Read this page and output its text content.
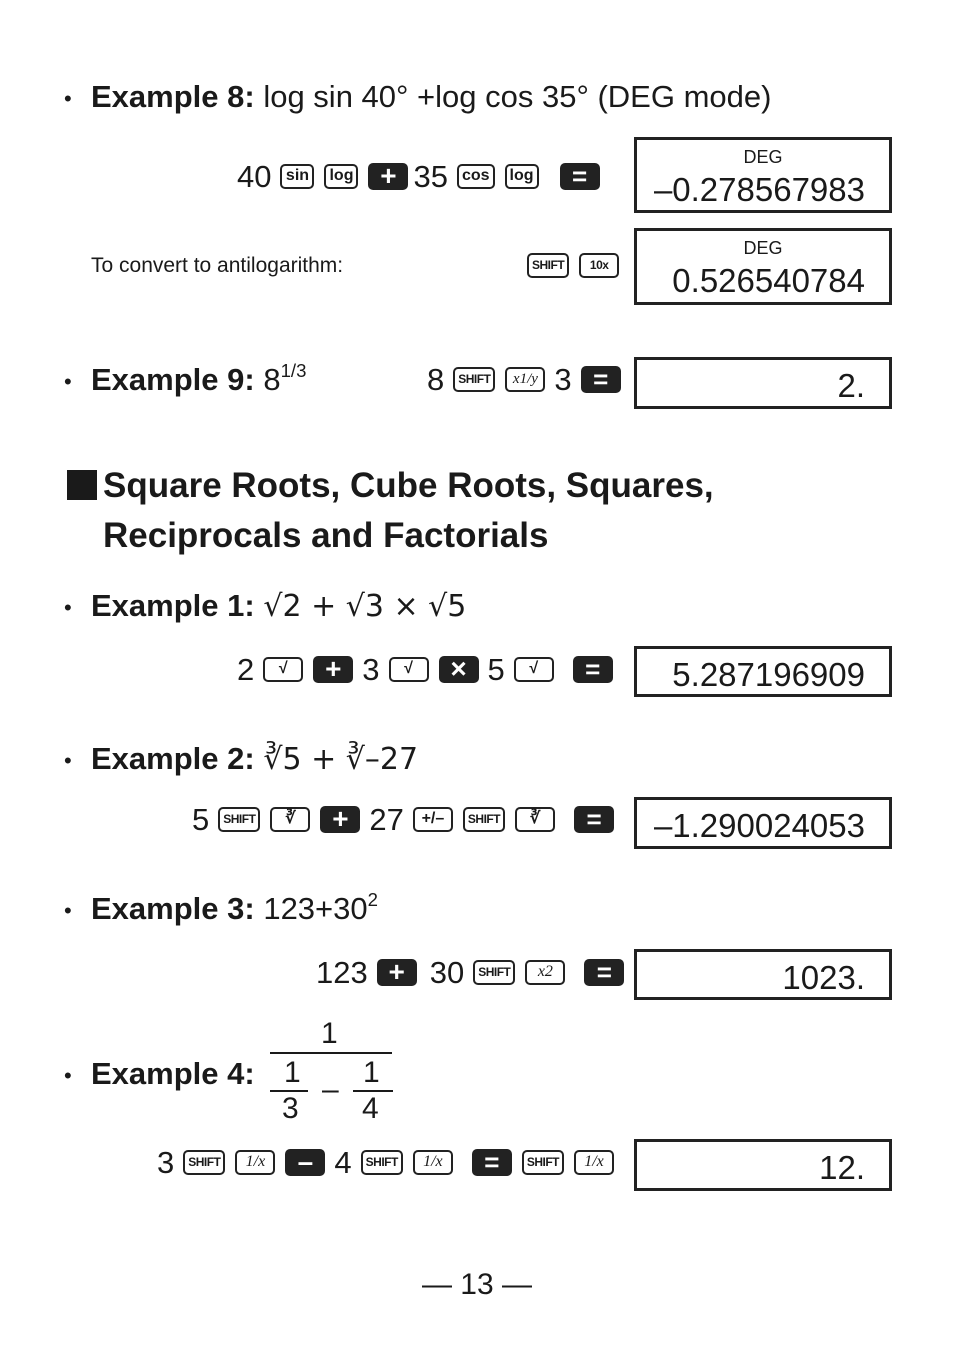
• Example 8: log sin 40° +log cos 35° (DEG mode)
40 sin	log + 35 cos	log	=
DEG
–0.278567983
To convert to antilogarithm:	SHIFT	10x
DEG
0.526540784
• Example 9: $8^{1/3}$	8	SHIFT	x1/y 3 =	2.
Square Roots, Cube Roots, Squares,
Reciprocals and Factorials
• Example 1: √2 + √3 × √5
2	√	+ 3	√	× 5	√	=	5.287196909
• Example 2: ∛5 + ∛–27
5	SHIFT	∛	+ 27	+/–	SHIFT	∛	=	–1.290024053
• Example 3: $123+30^2$
123 + 30	SHIFT	x2	=	1023.
• Example 4:
1
1
3
–
1
4
3	SHIFT	1/x	– 4	SHIFT	1/x	=	SHIFT	1/x	12.
— 13 —
